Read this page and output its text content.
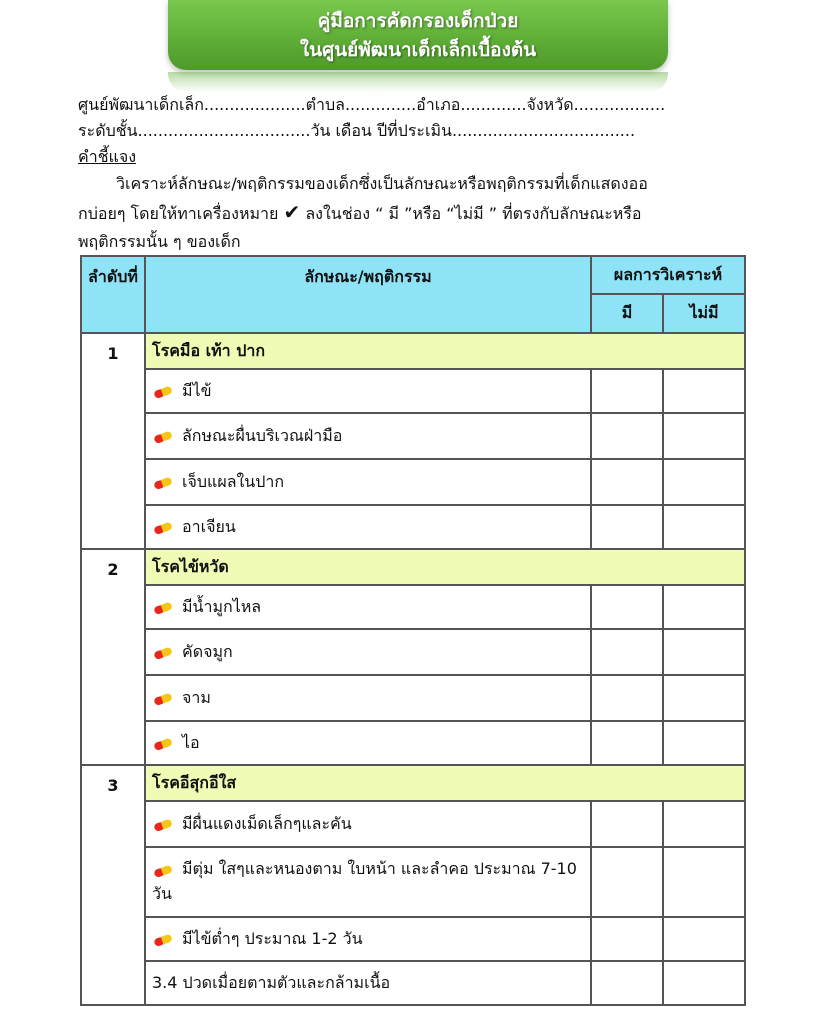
คู่มือการคัดกรองเด็กป่วย
ในศูนย์พัฒนาเด็กเล็กเบื้องต้น
ศูนย์พัฒนาเด็กเล็ก....................ตำบล..............อำเภอ.............จังหวัด..................
ระดับชั้น..................................วัน เดือน ปีที่ประเมิน....................................
คำชี้แจง
วิเคราะห์ลักษณะ/พฤติกรรมของเด็กซึ่งเป็นลักษณะหรือพฤติกรรมที่เด็กแสดงออ
กบ่อยๆ โดยให้ทาเครื่องหมาย ✔ ลงในช่อง “ มี ”หรือ “ไม่มี ” ที่ตรงกับลักษณะหรือ
พฤติกรรมนั้น ๆ ของเด็ก
ลำดับที่	ลักษณะ/พฤติกรรม	ผลการวิเคราะห์	
		มี	ไม่มี
1	โรคมือ เท้า ปาก		
	มีไข้		
	ลักษณะผื่นบริเวณฝ่ามือ		
	เจ็บแผลในปาก		
	อาเจียน		
2	โรคไข้หวัด		
	มีน้ำมูกไหล		
	คัดจมูก		
	จาม		
	ไอ		
3	โรคอีสุกอีใส		
	มีผื่นแดงเม็ดเล็กๆและคัน		
	มีตุ่ม ใสๆและหนองตาม ใบหน้า และลำคอ ประมาณ 7-10 วัน		
	มีไข้ต่ำๆ ประมาณ 1-2 วัน		
	3.4 ปวดเมื่อยตามตัวและกล้ามเนื้อ		
